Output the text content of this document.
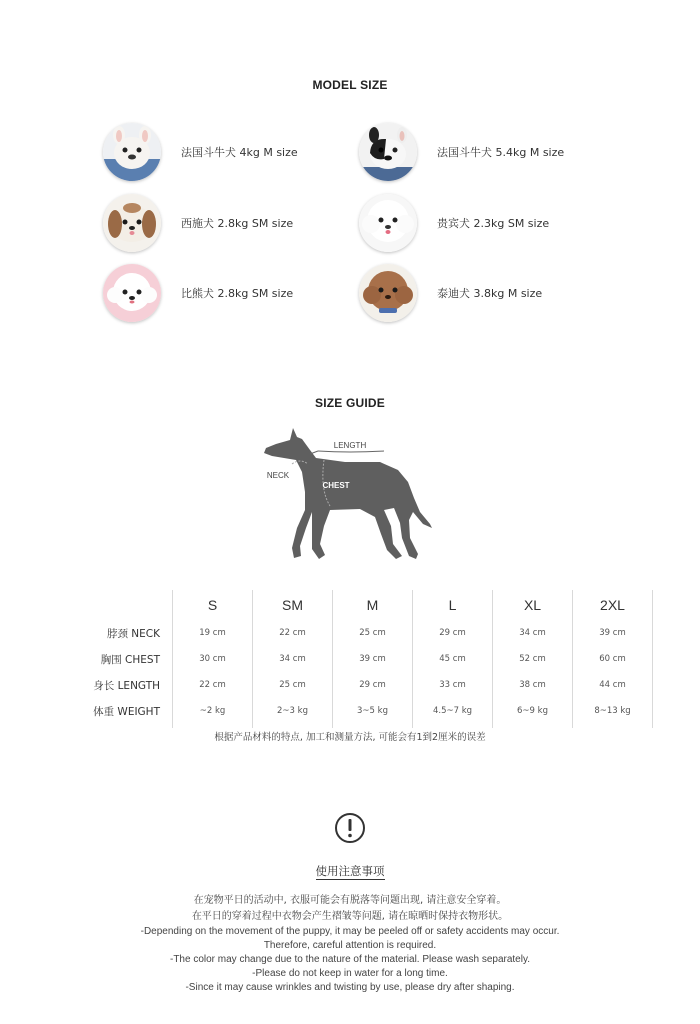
MODEL SIZE
法国斗牛犬 4kg M size	法国斗牛犬 5.4kg M size
西施犬 2.8kg SM size	贵宾犬 2.3kg SM size
比熊犬 2.8kg SM size	泰迪犬 3.8kg M size
SIZE GUIDE
LENGTH
NECK
CHEST
	S	SM	M	L	XL	2XL
脖颈 NECK	19 cm	22 cm	25 cm	29 cm	34 cm	39 cm
胸围 CHEST	30 cm	34 cm	39 cm	45 cm	52 cm	60 cm
身长 LENGTH	22 cm	25 cm	29 cm	33 cm	38 cm	44 cm
体重 WEIGHT	~2 kg	2~3 kg	3~5 kg	4.5~7 kg	6~9 kg	8~13 kg
根据产品材料的特点, 加工和测量方法, 可能会有1到2厘米的误差
使用注意事项
在宠物平日的活动中, 衣服可能会有脱落等问题出现, 请注意安全穿着。
在平日的穿着过程中衣物会产生褶皱等问题, 请在晾晒时保持衣物形状。
-Depending on the movement of the puppy, it may be peeled off or safety accidents may occur.
Therefore, careful attention is required.
-The color may change due to the nature of the material. Please wash separately.
-Please do not keep in water for a long time.
-Since it may cause wrinkles and twisting by use, please dry after shaping.
